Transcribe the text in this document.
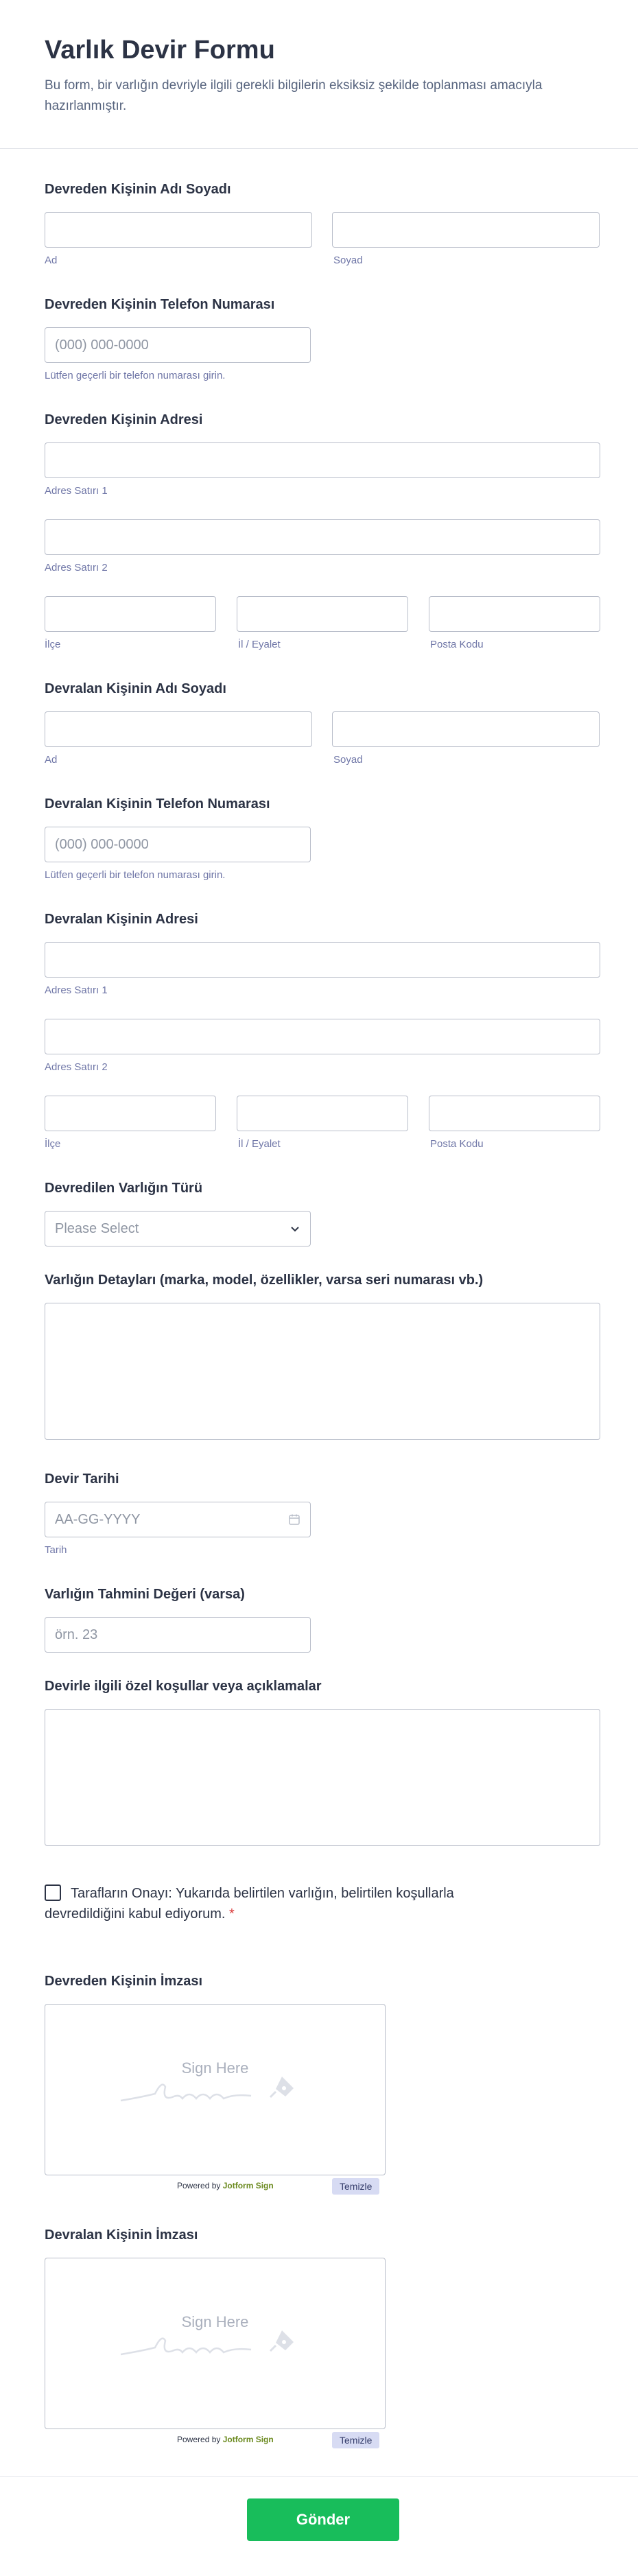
Varlık Devir Formu
Bu form, bir varlığın devriyle ilgili gerekli bilgilerin eksiksiz şekilde toplanması amacıyla hazırlanmıştır.
Devreden Kişinin Adı Soyadı
Ad	Soyad
Devreden Kişinin Telefon Numarası
(000) 000-0000
Lütfen geçerli bir telefon numarası girin.
Devreden Kişinin Adresi
Adres Satırı 1
Adres Satırı 2
İlçe	İl / Eyalet	Posta Kodu
Devralan Kişinin Adı Soyadı
Ad	Soyad
Devralan Kişinin Telefon Numarası
(000) 000-0000
Lütfen geçerli bir telefon numarası girin.
Devralan Kişinin Adresi
Adres Satırı 1
Adres Satırı 2
İlçe	İl / Eyalet	Posta Kodu
Devredilen Varlığın Türü
Please Select
Varlığın Detayları (marka, model, özellikler, varsa seri numarası vb.)
Devir Tarihi
AA-GG-YYYY
Tarih
Varlığın Tahmini Değeri (varsa)
örn. 23
Devirle ilgili özel koşullar veya açıklamalar
Tarafların Onayı: Yukarıda belirtilen varlığın, belirtilen koşullarla devredildiğini kabul ediyorum. *
Devreden Kişinin İmzası
Sign Here
Powered by Jotform Sign	Temizle
Devralan Kişinin İmzası
Sign Here
Powered by Jotform Sign	Temizle
Gönder
